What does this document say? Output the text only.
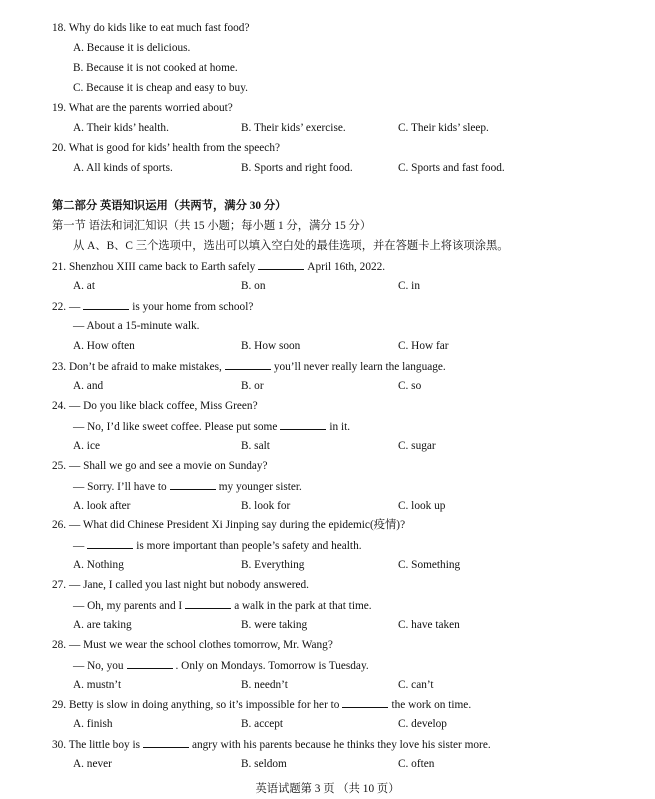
18. Why do kids like to eat much fast food?
A. Because it is delicious.
B. Because it is not cooked at home.
C. Because it is cheap and easy to buy.
19. What are the parents worried about?
A. Their kids’ health.	B. Their kids’ exercise.	C. Their kids’ sleep.
20. What is good for kids’ health from the speech?
A. All kinds of sports.	B. Sports and right food.	C. Sports and fast food.
第二部分 英语知识运用（共两节，满分 30 分）
第一节 语法和词汇知识（共 15 小题；每小题 1 分，满分 15 分）
从 A、B、C 三个选项中，选出可以填入空白处的最佳选项，并在答题卡上将该项涂黑。
21. Shenzhou XIII came back to Earth safely	April 16th, 2022.
A. at	B. on	C. in
22. —	is your home from school?
— About a 15-minute walk.
A. How often	B. How soon	C. How far
23. Don’t be afraid to make mistakes,	you’ll never really learn the language.
A. and	B. or	C. so
24. — Do you like black coffee, Miss Green?
— No, I’d like sweet coffee. Please put some	in it.
A. ice	B. salt	C. sugar
25. — Shall we go and see a movie on Sunday?
— Sorry. I’ll have to	my younger sister.
A. look after	B. look for	C. look up
26. — What did Chinese President Xi Jinping say during the epidemic(疫情)?
—	is more important than people’s safety and health.
A. Nothing	B. Everything	C. Something
27. — Jane, I called you last night but nobody answered.
— Oh, my parents and I	a walk in the park at that time.
A. are taking	B. were taking	C. have taken
28. — Must we wear the school clothes tomorrow, Mr. Wang?
— No, you	. Only on Mondays. Tomorrow is Tuesday.
A. mustn’t	B. needn’t	C. can’t
29. Betty is slow in doing anything, so it’s impossible for her to	the work on time.
A. finish	B. accept	C. develop
30. The little boy is	angry with his parents because he thinks they love his sister more.
A. never	B. seldom	C. often
英语试题第 3 页 （共 10 页）
